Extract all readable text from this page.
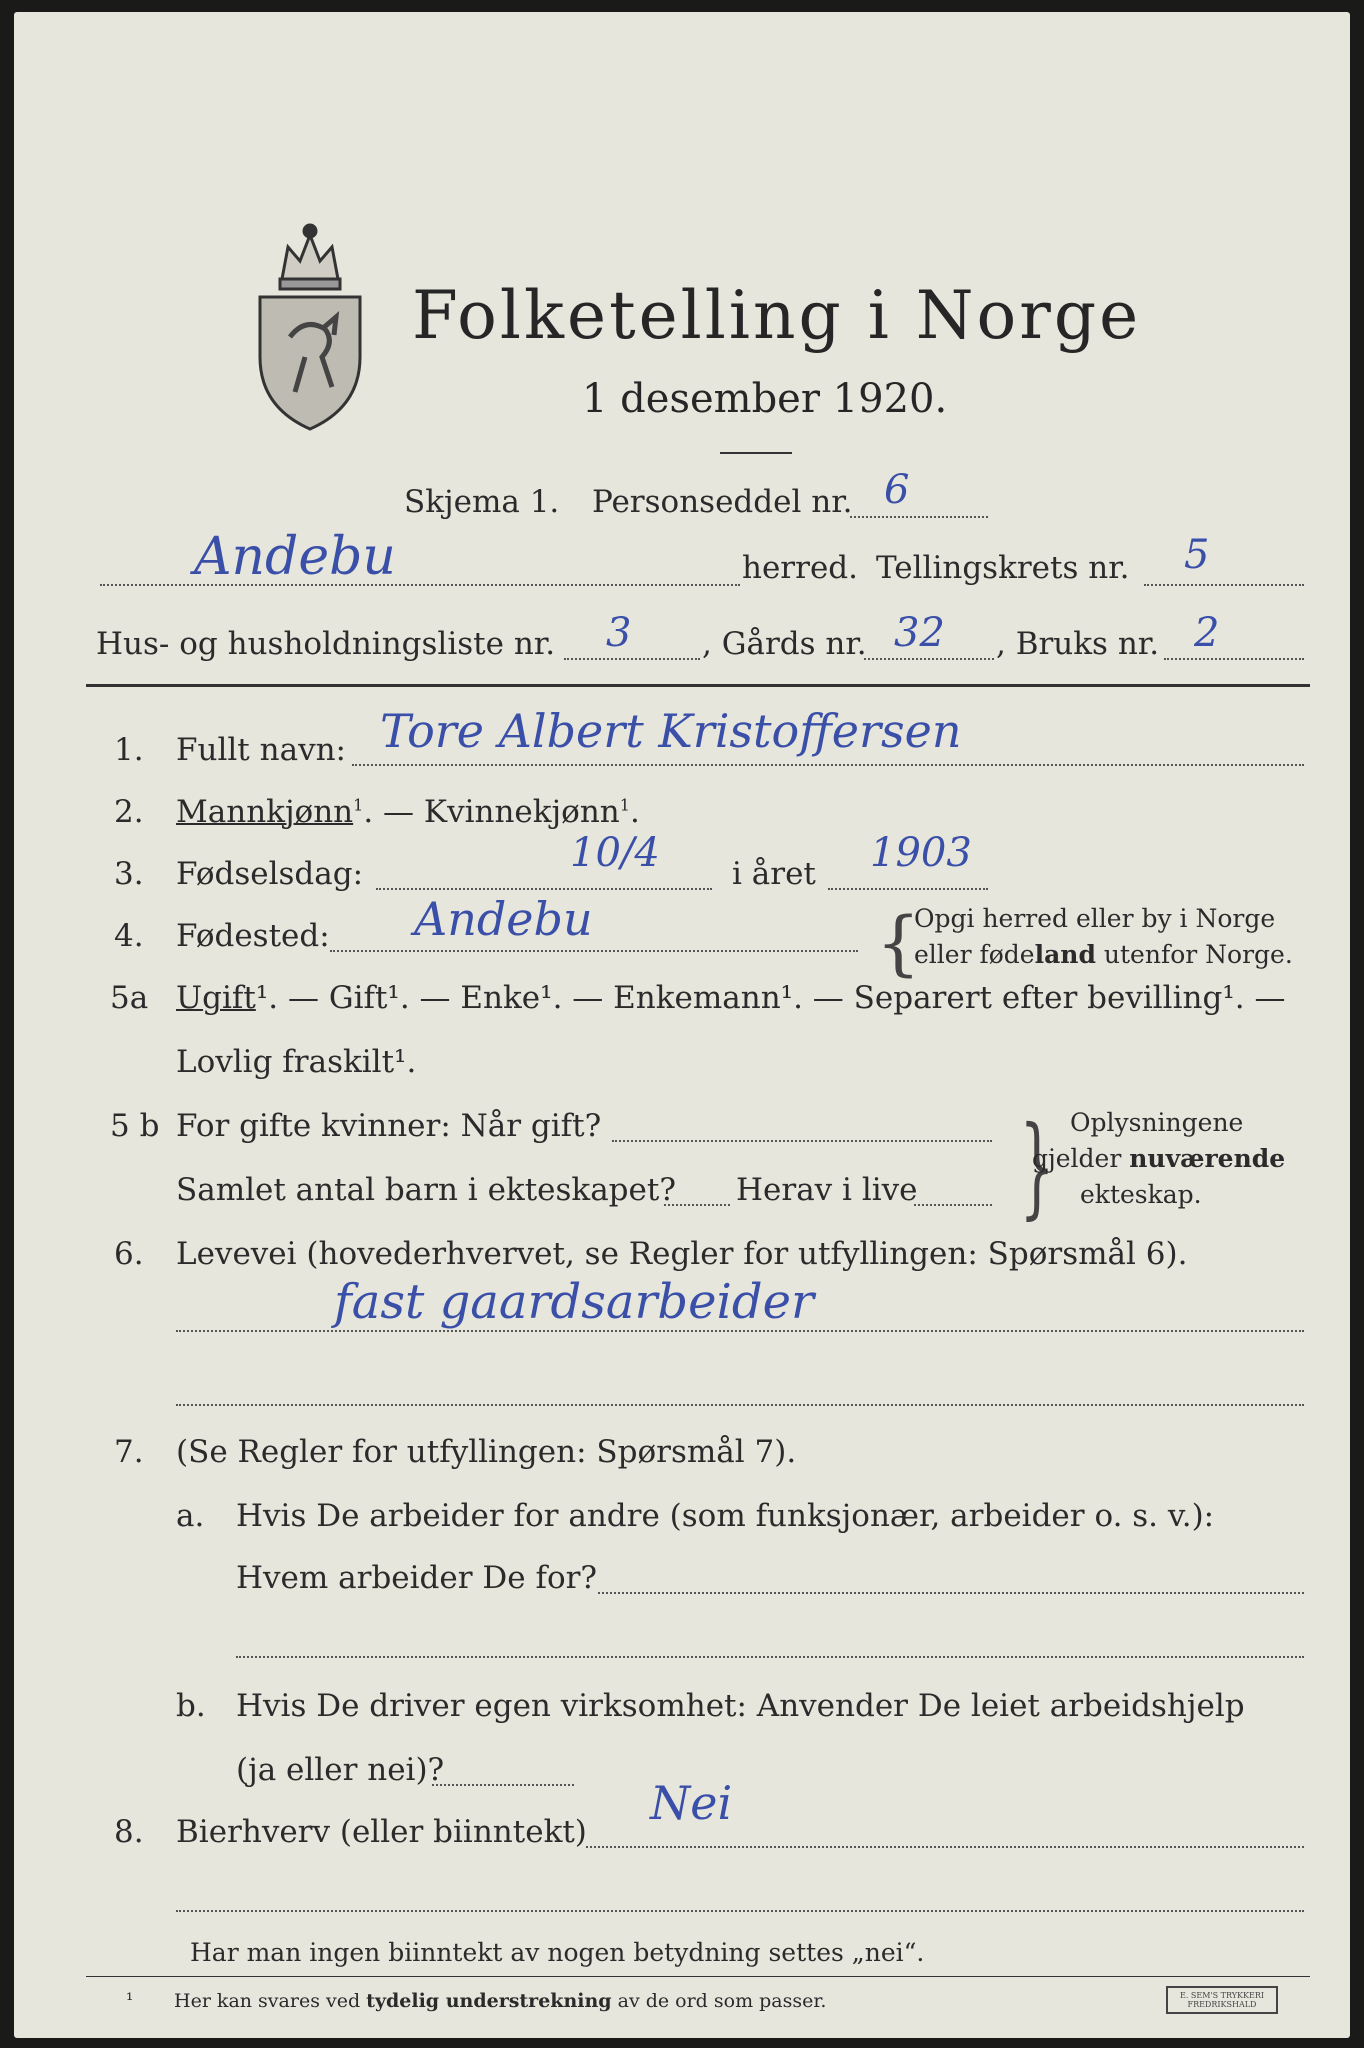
Folketelling i Norge
1 desember 1920.
Skjema 1. Personseddel nr. 6
Andebu	herred. Tellingskrets nr. 5
Hus- og husholdningsliste nr. 3 , Gårds nr. 32 , Bruks nr. 2
1. Fullt navn: Tore Albert Kristoffersen
2. Mannkjønn$^1$. — Kvinnekjønn$^1$.
3. Fødselsdag:	10/4 i året 1903
4. Fødested: Andebu	{
Opgi herred eller by i Norge
eller fødeland utenfor Norge.
5a Ugift¹. — Gift¹. — Enke¹. — Enkemann¹. — Separert efter bevilling¹. —
Lovlig fraskilt¹.
5 b For gifte kvinner: Når gift?
Samlet antal barn i ekteskapet? Herav i live } Oplysningene
gjelder nuværende
ekteskap.
6. Levevei (hovederhvervet, se Regler for utfyllingen: Spørsmål 6).
fast gaardsarbeider
7. (Se Regler for utfyllingen: Spørsmål 7).
a. Hvis De arbeider for andre (som funksjonær, arbeider o. s. v.):
Hvem arbeider De for?
b. Hvis De driver egen virksomhet: Anvender De leiet arbeidshjelp
(ja eller nei)?
8. Bierhverv (eller biinntekt)
Nei
Har man ingen biinntekt av nogen betydning settes „nei“.
¹ Her kan svares ved tydelig understrekning av de ord som passer.	E. SEM'S TRYKKERI FREDRIKSHALD
